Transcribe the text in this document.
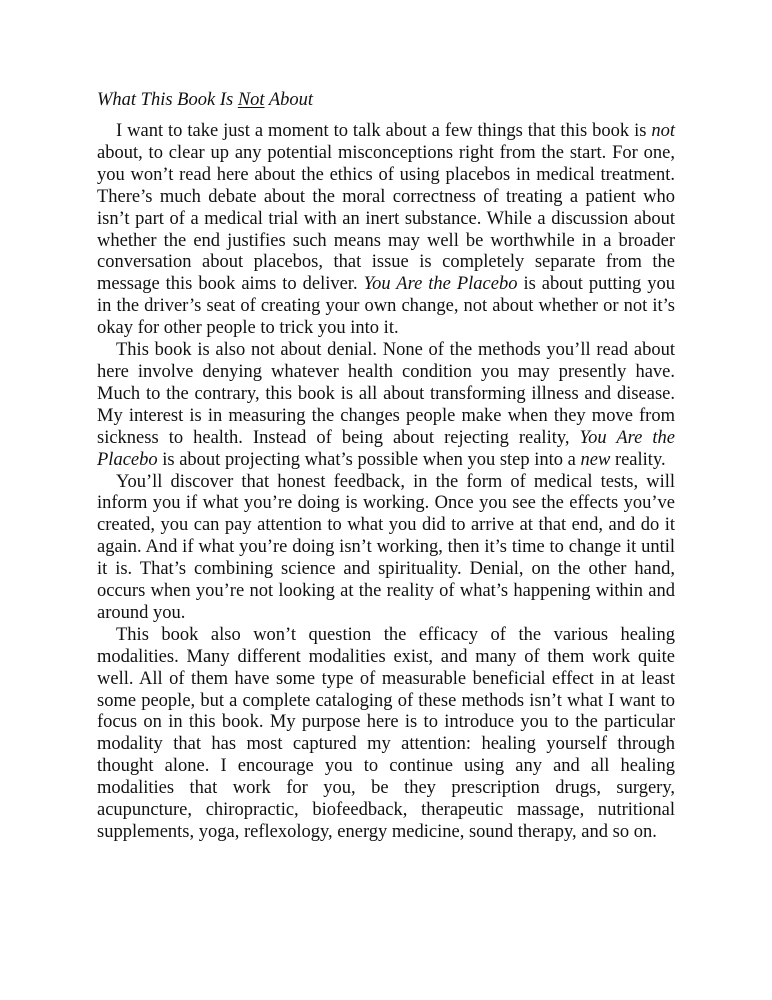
What This Book Is Not About

I want to take just a moment to talk about a few things that this book is not about, to clear up any potential misconceptions right from the start. For one, you won’t read here about the ethics of using placebos in medical treatment. There’s much debate about the moral correctness of treating a patient who isn’t part of a medical trial with an inert substance. While a discussion about whether the end justifies such means may well be worthwhile in a broader conversation about placebos, that issue is completely separate from the message this book aims to deliver. You Are the Placebo is about putting you in the driver’s seat of creating your own change, not about whether or not it’s okay for other people to trick you into it.

This book is also not about denial. None of the methods you’ll read about here involve denying whatever health condition you may presently have. Much to the contrary, this book is all about transforming illness and disease. My interest is in measuring the changes people make when they move from sickness to health. Instead of being about rejecting reality, You Are the Placebo is about projecting what’s possible when you step into a new reality.

You’ll discover that honest feedback, in the form of medical tests, will inform you if what you’re doing is working. Once you see the effects you’ve created, you can pay attention to what you did to arrive at that end, and do it again. And if what you’re doing isn’t working, then it’s time to change it until it is. That’s combining science and spirituality. Denial, on the other hand, occurs when you’re not looking at the reality of what’s happening within and around you.

This book also won’t question the efficacy of the various healing modalities. Many different modalities exist, and many of them work quite well. All of them have some type of measurable beneficial effect in at least some people, but a complete cataloging of these methods isn’t what I want to focus on in this book. My purpose here is to introduce you to the particular modality that has most captured my attention: healing yourself through thought alone. I encourage you to continue using any and all healing modalities that work for you, be they prescription drugs, surgery, acupuncture, chiropractic, biofeedback, therapeutic massage, nutritional supplements, yoga, reflexology, energy medicine, sound therapy, and so on.
